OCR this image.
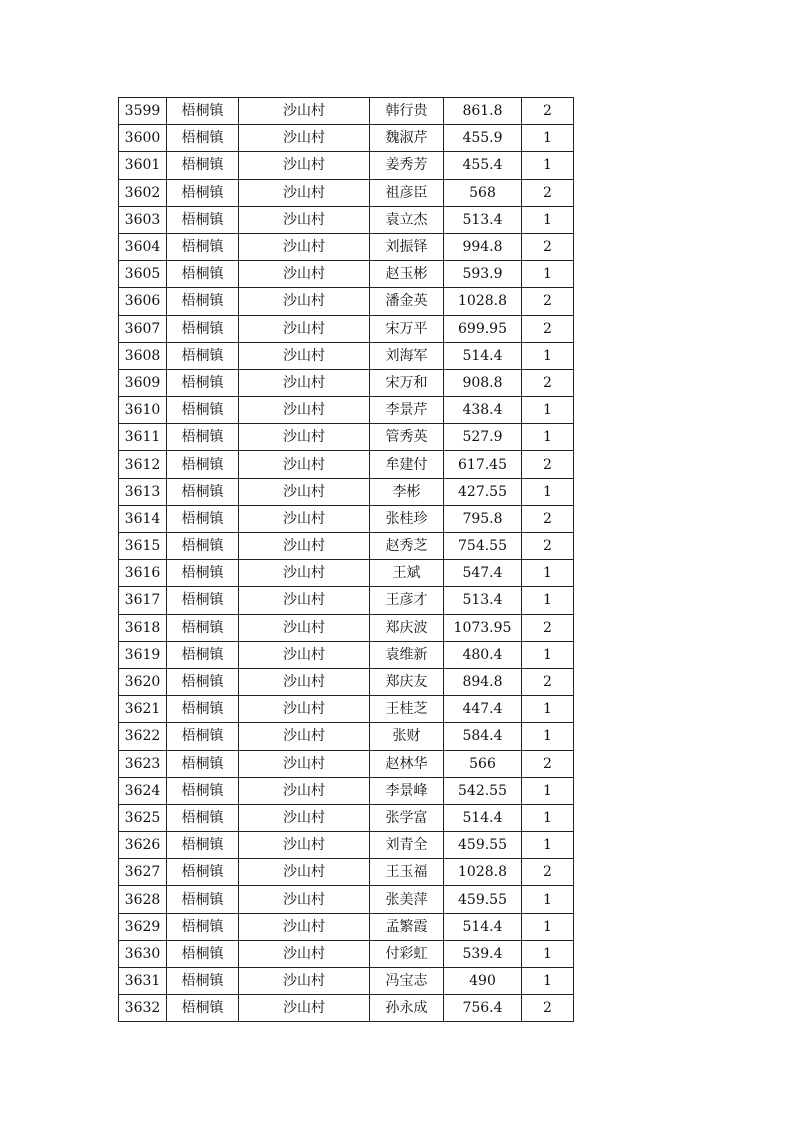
3599	梧桐镇	沙山村	韩行贵	861.8	2
3600	梧桐镇	沙山村	魏淑芹	455.9	1
3601	梧桐镇	沙山村	姜秀芳	455.4	1
3602	梧桐镇	沙山村	祖彦臣	568	2
3603	梧桐镇	沙山村	袁立杰	513.4	1
3604	梧桐镇	沙山村	刘振铎	994.8	2
3605	梧桐镇	沙山村	赵玉彬	593.9	1
3606	梧桐镇	沙山村	潘金英	1028.8	2
3607	梧桐镇	沙山村	宋万平	699.95	2
3608	梧桐镇	沙山村	刘海军	514.4	1
3609	梧桐镇	沙山村	宋万和	908.8	2
3610	梧桐镇	沙山村	李景芹	438.4	1
3611	梧桐镇	沙山村	管秀英	527.9	1
3612	梧桐镇	沙山村	牟建付	617.45	2
3613	梧桐镇	沙山村	李彬	427.55	1
3614	梧桐镇	沙山村	张桂珍	795.8	2
3615	梧桐镇	沙山村	赵秀芝	754.55	2
3616	梧桐镇	沙山村	王斌	547.4	1
3617	梧桐镇	沙山村	王彦才	513.4	1
3618	梧桐镇	沙山村	郑庆波	1073.95	2
3619	梧桐镇	沙山村	袁维新	480.4	1
3620	梧桐镇	沙山村	郑庆友	894.8	2
3621	梧桐镇	沙山村	王桂芝	447.4	1
3622	梧桐镇	沙山村	张财	584.4	1
3623	梧桐镇	沙山村	赵林华	566	2
3624	梧桐镇	沙山村	李景峰	542.55	1
3625	梧桐镇	沙山村	张学富	514.4	1
3626	梧桐镇	沙山村	刘青全	459.55	1
3627	梧桐镇	沙山村	王玉福	1028.8	2
3628	梧桐镇	沙山村	张美萍	459.55	1
3629	梧桐镇	沙山村	孟繁霞	514.4	1
3630	梧桐镇	沙山村	付彩虹	539.4	1
3631	梧桐镇	沙山村	冯宝志	490	1
3632	梧桐镇	沙山村	孙永成	756.4	2
